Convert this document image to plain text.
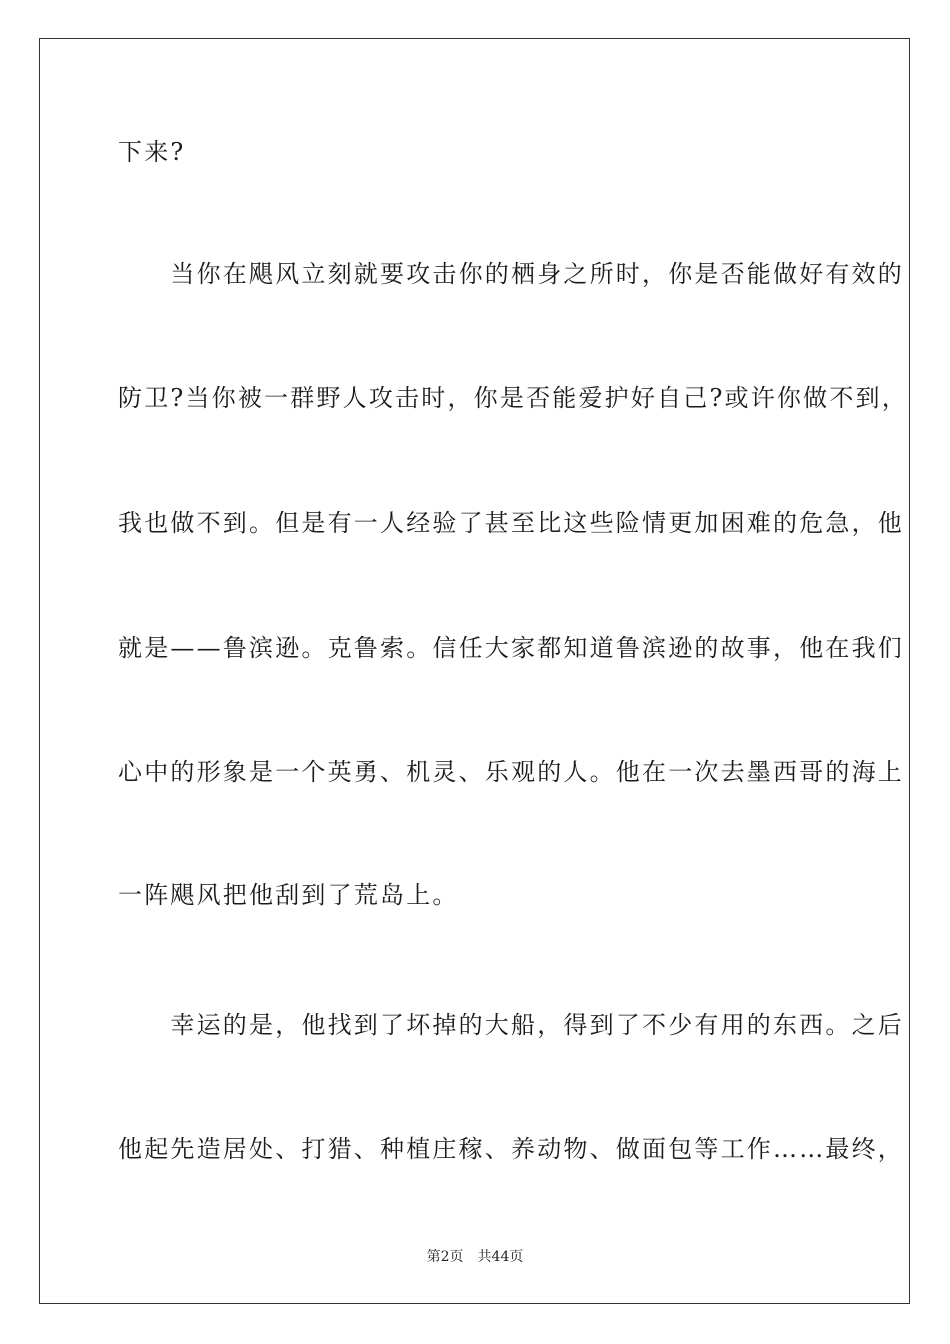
下来?
　　当你在飓风立刻就要攻击你的栖身之所时，你是否能做好有效的
防卫?当你被一群野人攻击时，你是否能爱护好自己?或许你做不到，
我也做不到。但是有一人经验了甚至比这些险情更加困难的危急，他
就是——鲁滨逊。克鲁索。信任大家都知道鲁滨逊的故事，他在我们
心中的形象是一个英勇、机灵、乐观的人。他在一次去墨西哥的海上
一阵飓风把他刮到了荒岛上。
　　幸运的是，他找到了坏掉的大船，得到了不少有用的东西。之后
他起先造居处、打猎、种植庄稼、养动物、做面包等工作……最终，
第2页 共44页
